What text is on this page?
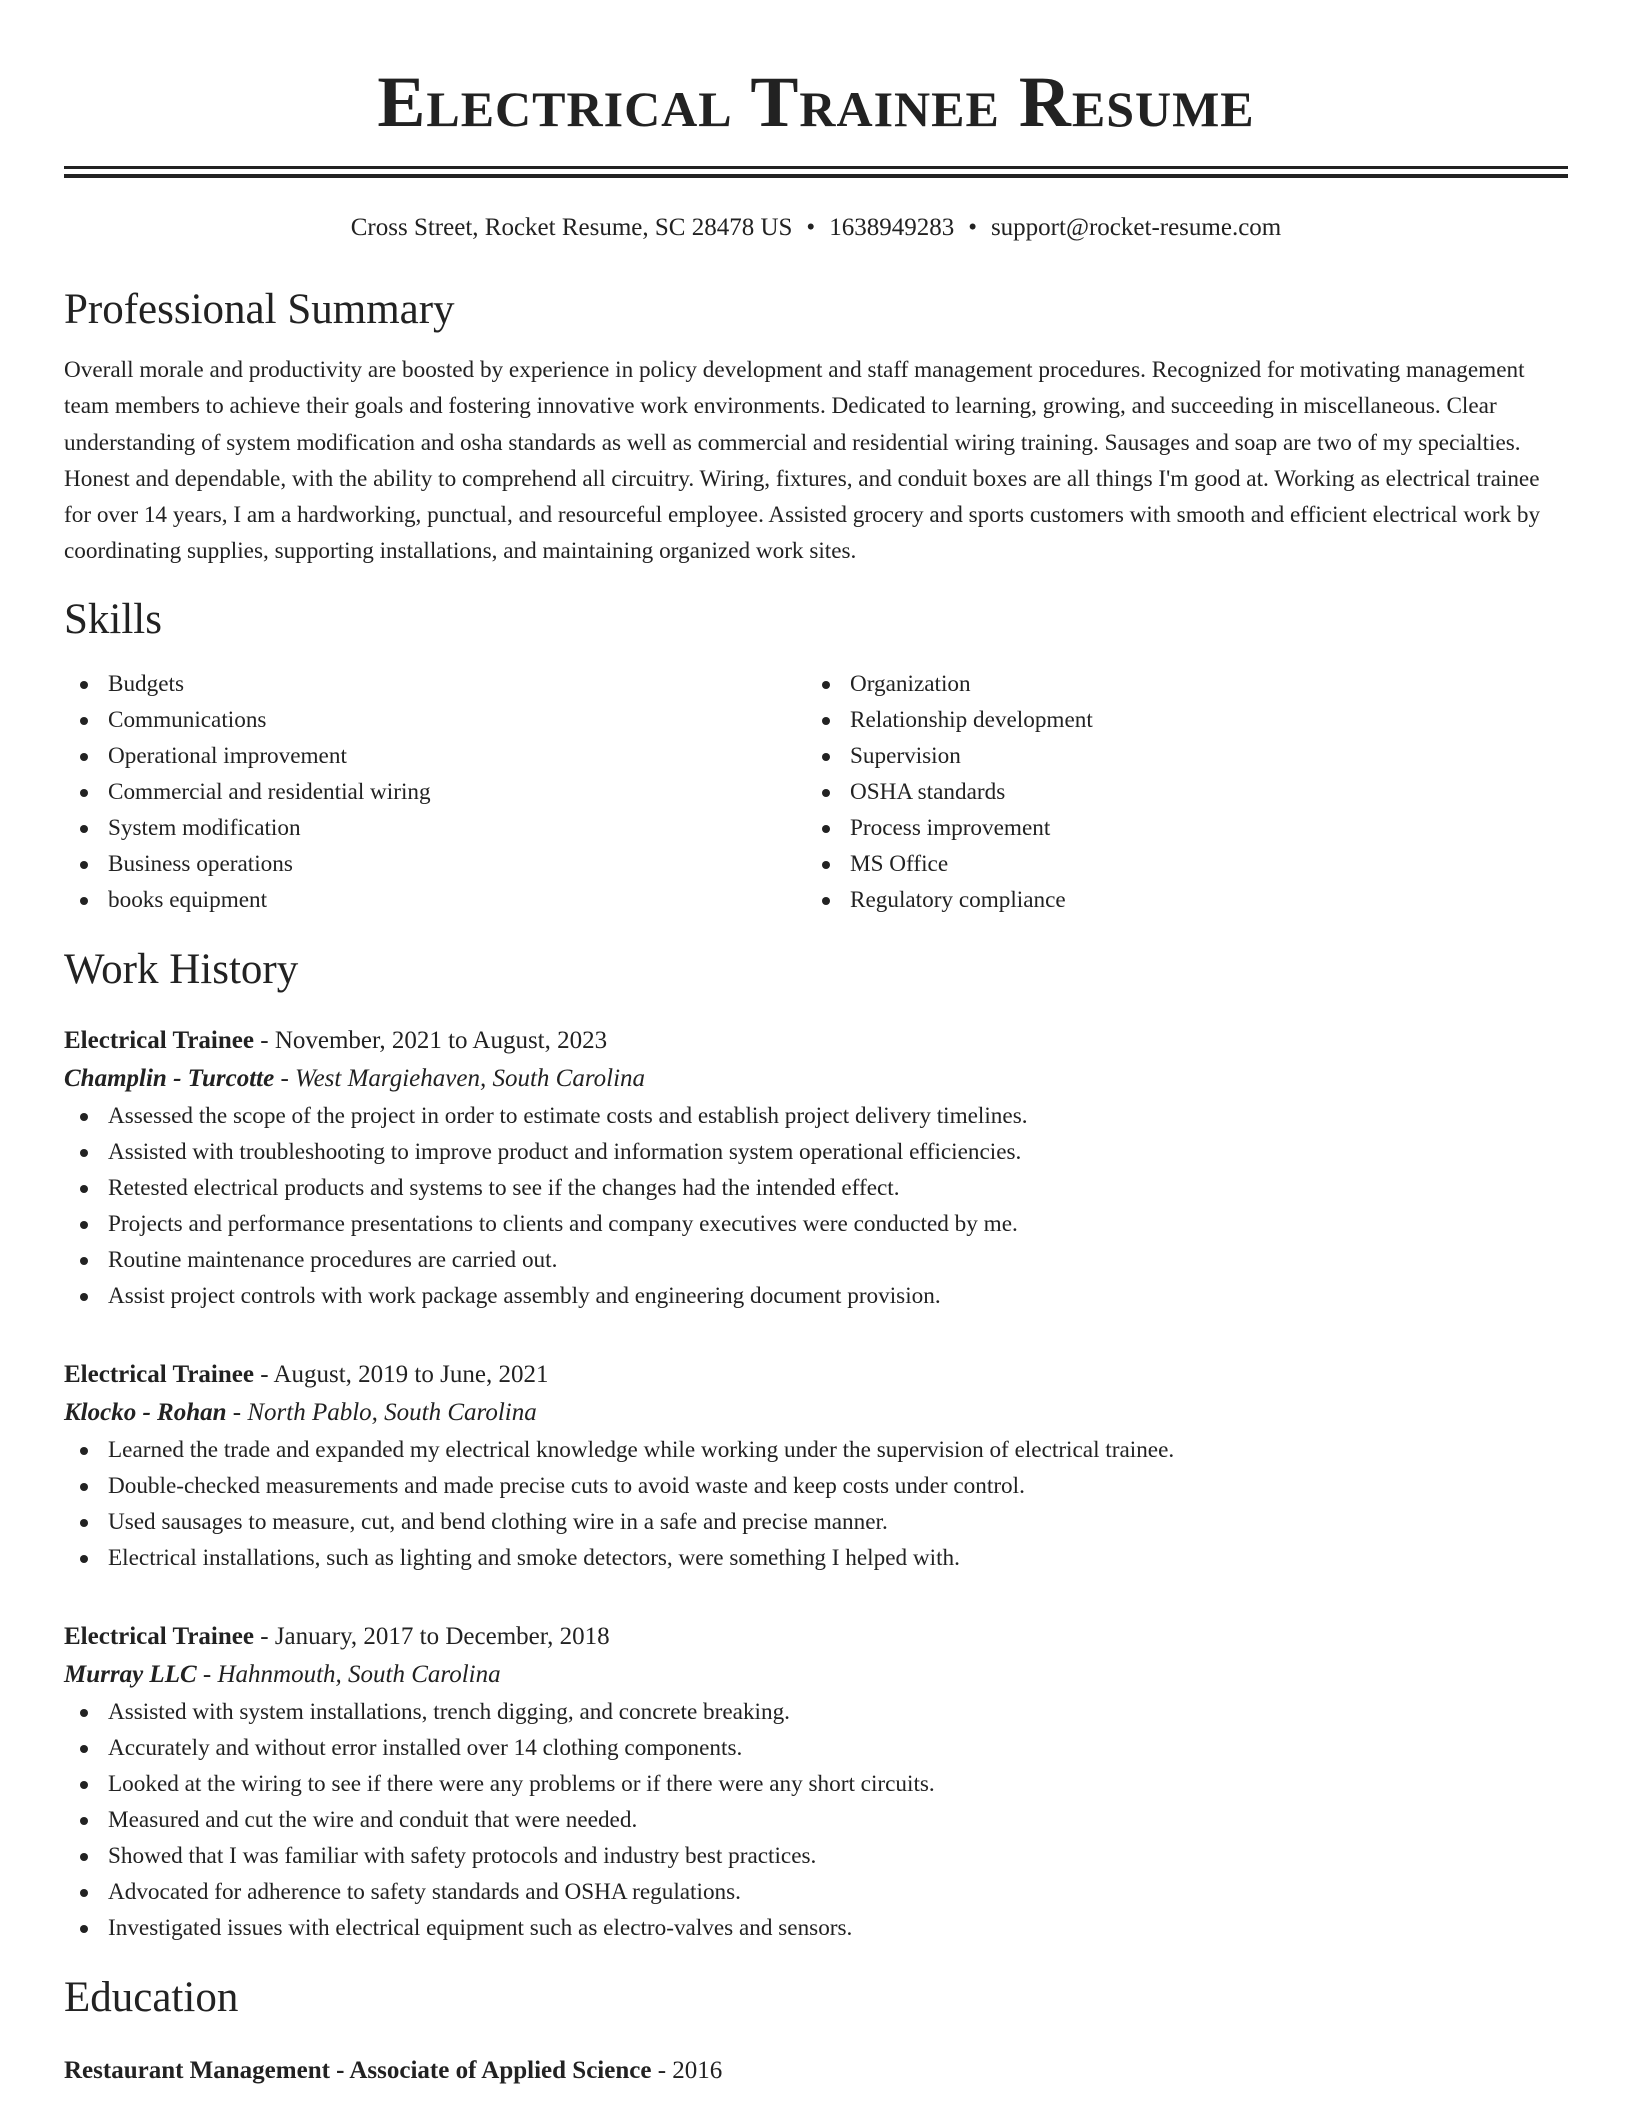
Electrical Trainee Resume
Cross Street, Rocket Resume, SC 28478 US • 1638949283 • support@rocket-resume.com
Professional Summary

Overall morale and productivity are boosted by experience in policy development and staff management procedures. Recognized for motivating management team members to achieve their goals and fostering innovative work environments. Dedicated to learning, growing, and succeeding in miscellaneous. Clear understanding of system modification and osha standards as well as commercial and residential wiring training. Sausages and soap are two of my specialties. Honest and dependable, with the ability to comprehend all circuitry. Wiring, fixtures, and conduit boxes are all things I'm good at. Working as electrical trainee for over 14 years, I am a hardworking, punctual, and resourceful employee. Assisted grocery and sports customers with smooth and efficient electrical work by coordinating supplies, supporting installations, and maintaining organized work sites.

Skills
Budgets
Communications
Operational improvement
Commercial and residential wiring
System modification
Business operations
books equipment
Organization
Relationship development
Supervision
OSHA standards
Process improvement
MS Office
Regulatory compliance
Work History
Electrical Trainee - November, 2021 to August, 2023
Champlin - Turcotte - West Margiehaven, South Carolina
Assessed the scope of the project in order to estimate costs and establish project delivery timelines.
Assisted with troubleshooting to improve product and information system operational efficiencies.
Retested electrical products and systems to see if the changes had the intended effect.
Projects and performance presentations to clients and company executives were conducted by me.
Routine maintenance procedures are carried out.
Assist project controls with work package assembly and engineering document provision.
Electrical Trainee - August, 2019 to June, 2021
Klocko - Rohan - North Pablo, South Carolina
Learned the trade and expanded my electrical knowledge while working under the supervision of electrical trainee.
Double-checked measurements and made precise cuts to avoid waste and keep costs under control.
Used sausages to measure, cut, and bend clothing wire in a safe and precise manner.
Electrical installations, such as lighting and smoke detectors, were something I helped with.
Electrical Trainee - January, 2017 to December, 2018
Murray LLC - Hahnmouth, South Carolina
Assisted with system installations, trench digging, and concrete breaking.
Accurately and without error installed over 14 clothing components.
Looked at the wiring to see if there were any problems or if there were any short circuits.
Measured and cut the wire and conduit that were needed.
Showed that I was familiar with safety protocols and industry best practices.
Advocated for adherence to safety standards and OSHA regulations.
Investigated issues with electrical equipment such as electro-valves and sensors.
Education
Restaurant Management - Associate of Applied Science - 2016
